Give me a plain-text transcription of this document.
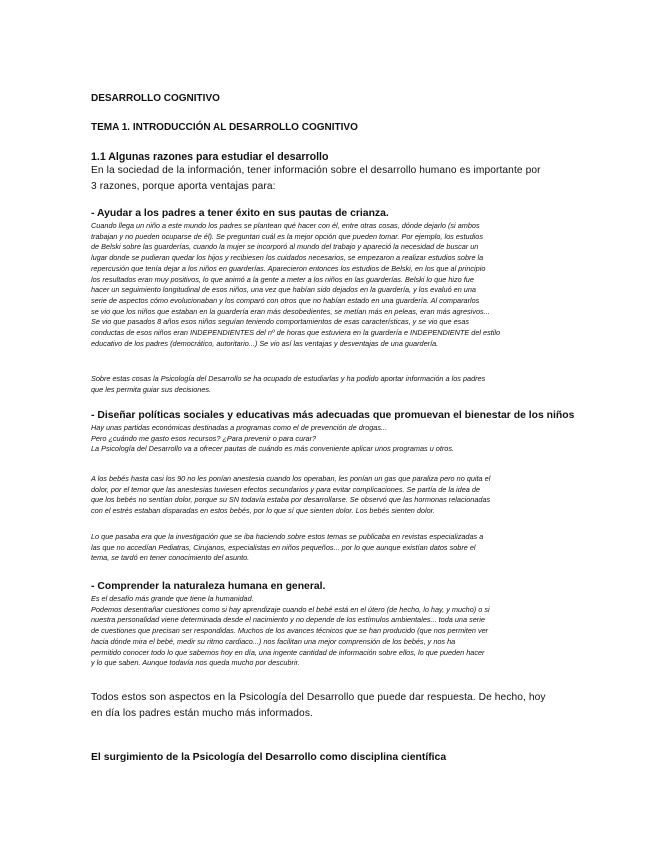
DESARROLLO COGNITIVO
TEMA 1. INTRODUCCIÓN AL DESARROLLO COGNITIVO
1.1 Algunas razones para estudiar el desarrollo
En la sociedad de la información, tener información sobre el desarrollo humano es importante por
3 razones, porque aporta ventajas para:
- Ayudar a los padres a tener éxito en sus pautas de crianza.
Cuando llega un niño a este mundo los padres se plantean qué hacer con él, entre otras cosas, dónde dejarlo (si ambos
trabajan y no pueden ocuparse de él). Se preguntan cuál es la mejor opción que pueden tomar. Por ejemplo, los estudios
de Belski sobre las guarderías, cuando la mujer se incorporó al mundo del trabajo y apareció la necesidad de buscar un
lugar donde se pudieran quedar los hijos y recibiesen los cuidados necesarios, se empezaron a realizar estudios sobre la
repercusión que tenía dejar a los niños en guarderías. Aparecieron entonces los estudios de Belski, en los que al principio
los resultados eran muy positivos, lo que animó a la gente a meter a los niños en las guarderías. Belski lo que hizo fue
hacer un seguimiento longitudinal de esos niños, una vez que habían sido dejados en la guardería, y los evaluó en una
serie de aspectos cómo evolucionaban y los comparó con otros que no habían estado en una guardería. Al compararlos
se vio que los niños que estaban en la guardería eran más desobedientes, se metían más en peleas, eran más agresivos...
Se vio que pasados 8 años esos niños seguían teniendo comportamientos de esas características, y se vio que esas
conductas de esos niños eran INDEPENDIENTES del nº de horas que estuviera en la guardería e INDEPENDIENTE del estilo
educativo de los padres (democrático, autoritario...) Se vio así las ventajas y desventajas de una guardería.
Sobre estas cosas la Psicología del Desarrollo se ha ocupado de estudiarlas y ha podido aportar información a los padres
que les permita guiar sus decisiones.
- Diseñar políticas sociales y educativas más adecuadas que promuevan el bienestar de los niños
Hay unas partidas económicas destinadas a programas como el de prevención de drogas...
Pero ¿cuándo me gasto esos recursos? ¿Para prevenir o para curar?
La Psicología del Desarrollo va a ofrecer pautas de cuándo es más conveniente aplicar unos programas u otros.
A los bebés hasta casi los 90 no les ponían anestesia cuando los operaban, les ponían un gas que paraliza pero no quita el
dolor, por el temor que las anestesias tuviesen efectos secundarios y para evitar complicaciones. Se partía de la idea de
que los bebés no sentían dolor, porque su SN todavía estaba por desarrollarse. Se observó que las hormonas relacionadas
con el estrés estaban disparadas en estos bebés, por lo que sí que sienten dolor. Los bebés sienten dolor.
Lo que pasaba era que la investigación que se iba haciendo sobre estos temas se publicaba en revistas especializadas a
las que no accedían Pediatras, Cirujanos, especialistas en niños pequeños... por lo que aunque existían datos sobre el
tema, se tardó en tener conocimiento del asunto.
- Comprender la naturaleza humana en general.
Es el desafío más grande que tiene la humanidad.
Podemos desentrañar cuestiones como si hay aprendizaje cuando el bebé está en el útero (de hecho, lo hay, y mucho) o si
nuestra personalidad viene determinada desde el nacimiento y no depende de los estímulos ambientales... toda una serie
de cuestiones que precisan ser respondidas. Muchos de los avances técnicos que se han producido (que nos permiten ver
hacia dónde mira el bebé, medir su ritmo cardiaco...) nos facilitan una mejor comprensión de los bebés, y nos ha
permitido conocer todo lo que sabemos hoy en día, una ingente cantidad de información sobre ellos, lo que pueden hacer
y lo que saben. Aunque todavía nos queda mucho por descubrir.
Todos estos son aspectos en la Psicología del Desarrollo que puede dar respuesta. De hecho, hoy
en día los padres están mucho más informados.
El surgimiento de la Psicología del Desarrollo como disciplina científica
